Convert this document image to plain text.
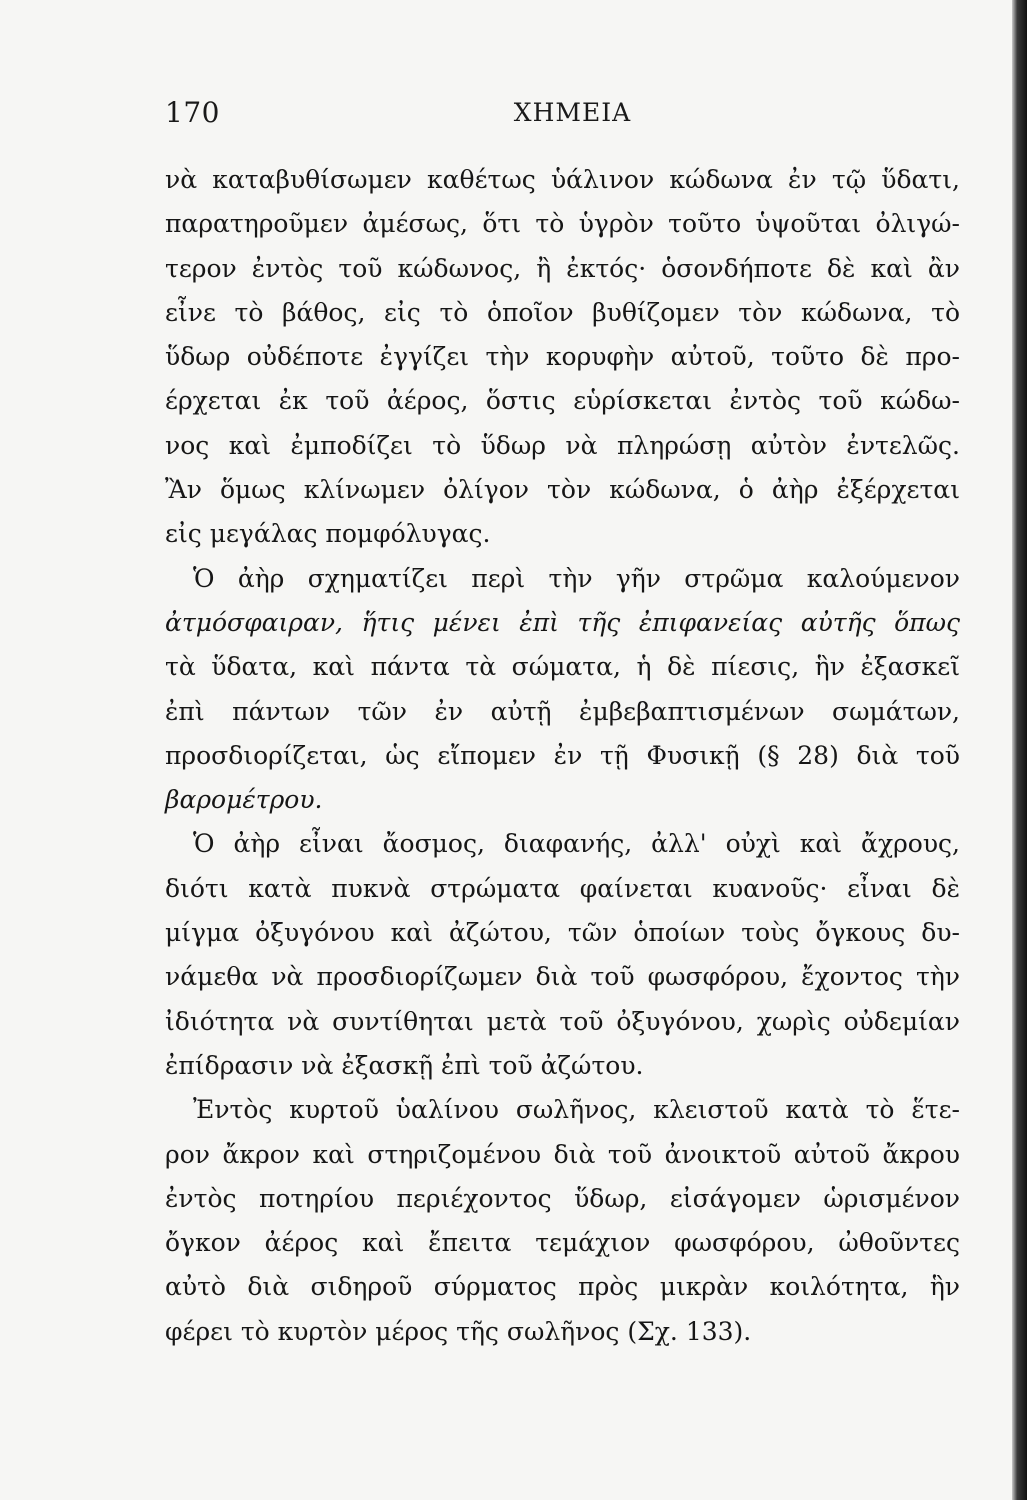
170	ΧΗΜΕΙΑ

νὰ καταβυθίσωμεν καθέτως ὑάλινον κώδωνα ἐν τῷ ὕδατι,
παρατηροῦμεν ἀμέσως, ὅτι τὸ ὑγρὸν τοῦτο ὑψοῦται ὀλιγώ-
τερον ἐντὸς τοῦ κώδωνος, ἢ ἐκτός· ὁσονδήποτε δὲ καὶ ἂν
εἶνε τὸ βάθος, εἰς τὸ ὁποῖον βυθίζομεν τὸν κώδωνα, τὸ
ὕδωρ οὐδέποτε ἐγγίζει τὴν κορυφὴν αὐτοῦ, τοῦτο δὲ προ-
έρχεται ἐκ τοῦ ἀέρος, ὅστις εὑρίσκεται ἐντὸς τοῦ κώδω-
νος καὶ ἐμποδίζει τὸ ὕδωρ νὰ πληρώσῃ αὐτὸν ἐντελῶς.
Ἂν ὅμως κλίνωμεν ὀλίγον τὸν κώδωνα, ὁ ἀὴρ ἐξέρχεται
εἰς μεγάλας πομφόλυγας.

Ὁ ἀὴρ σχηματίζει περὶ τὴν γῆν στρῶμα καλούμενον
ἀτμόσφαιραν, ἥτις μένει ἐπὶ τῆς ἐπιφανείας αὐτῆς ὅπως
τὰ ὕδατα, καὶ πάντα τὰ σώματα, ἡ δὲ πίεσις, ἣν ἐξασκεῖ
ἐπὶ πάντων τῶν ἐν αὐτῇ ἐμβεβαπτισμένων σωμάτων,
προσδιορίζεται, ὡς εἴπομεν ἐν τῇ Φυσικῇ (§ 28) διὰ τοῦ
βαρομέτρου.

Ὁ ἀὴρ εἶναι ἄοσμος, διαφανής, ἀλλ' οὐχὶ καὶ ἄχρους,
διότι κατὰ πυκνὰ στρώματα φαίνεται κυανοῦς· εἶναι δὲ
μίγμα ὀξυγόνου καὶ ἀζώτου, τῶν ὁποίων τοὺς ὄγκους δυ-
νάμεθα νὰ προσδιορίζωμεν διὰ τοῦ φωσφόρου, ἔχοντος τὴν
ἰδιότητα νὰ συντίθηται μετὰ τοῦ ὀξυγόνου, χωρὶς οὐδεμίαν
ἐπίδρασιν νὰ ἐξασκῇ ἐπὶ τοῦ ἀζώτου.

Ἐντὸς κυρτοῦ ὑαλίνου σωλῆνος, κλειστοῦ κατὰ τὸ ἕτε-
ρον ἄκρον καὶ στηριζομένου διὰ τοῦ ἀνοικτοῦ αὐτοῦ ἄκρου
ἐντὸς ποτηρίου περιέχοντος ὕδωρ, εἰσάγομεν ὡρισμένον
ὄγκον ἀέρος καὶ ἔπειτα τεμάχιον φωσφόρου, ὠθοῦντες
αὐτὸ διὰ σιδηροῦ σύρματος πρὸς μικρὰν κοιλότητα, ἣν
φέρει τὸ κυρτὸν μέρος τῆς σωλῆνος (Σχ. 133).
